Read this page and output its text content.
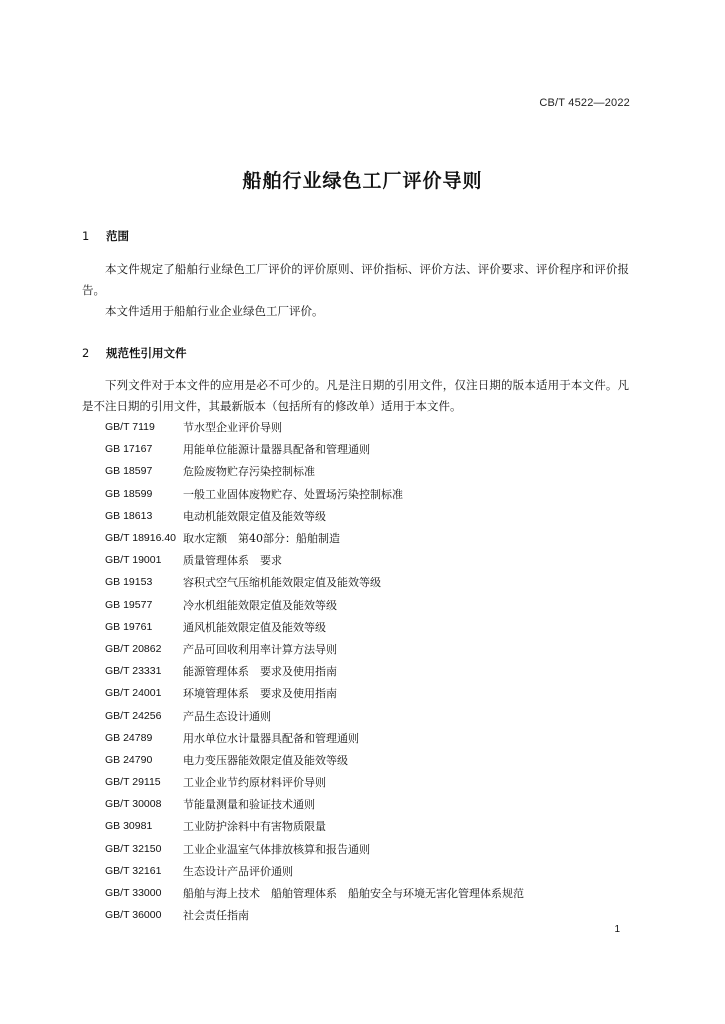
CB/T 4522—2022
船舶行业绿色工厂评价导则
1 范围
本文件规定了船舶行业绿色工厂评价的评价原则、评价指标、评价方法、评价要求、评价程序和评价报告。
本文件适用于船舶行业企业绿色工厂评价。
2 规范性引用文件
下列文件对于本文件的应用是必不可少的。凡是注日期的引用文件，仅注日期的版本适用于本文件。凡是不注日期的引用文件，其最新版本（包括所有的修改单）适用于本文件。
GB/T 7119	节水型企业评价导则
GB 17167	用能单位能源计量器具配备和管理通则
GB 18597	危险废物贮存污染控制标准
GB 18599	一般工业固体废物贮存、处置场污染控制标准
GB 18613	电动机能效限定值及能效等级
GB/T 18916.40 取水定额　第40部分：船舶制造
GB/T 19001	质量管理体系　要求
GB 19153	容积式空气压缩机能效限定值及能效等级
GB 19577	冷水机组能效限定值及能效等级
GB 19761	通风机能效限定值及能效等级
GB/T 20862	产品可回收利用率计算方法导则
GB/T 23331	能源管理体系　要求及使用指南
GB/T 24001	环境管理体系　要求及使用指南
GB/T 24256	产品生态设计通则
GB 24789	用水单位水计量器具配备和管理通则
GB 24790	电力变压器能效限定值及能效等级
GB/T 29115	工业企业节约原材料评价导则
GB/T 30008	节能量测量和验证技术通则
GB 30981	工业防护涂料中有害物质限量
GB/T 32150	工业企业温室气体排放核算和报告通则
GB/T 32161	生态设计产品评价通则
GB/T 33000	船舶与海上技术　船舶管理体系　船舶安全与环境无害化管理体系规范
GB/T 36000	社会责任指南
1
